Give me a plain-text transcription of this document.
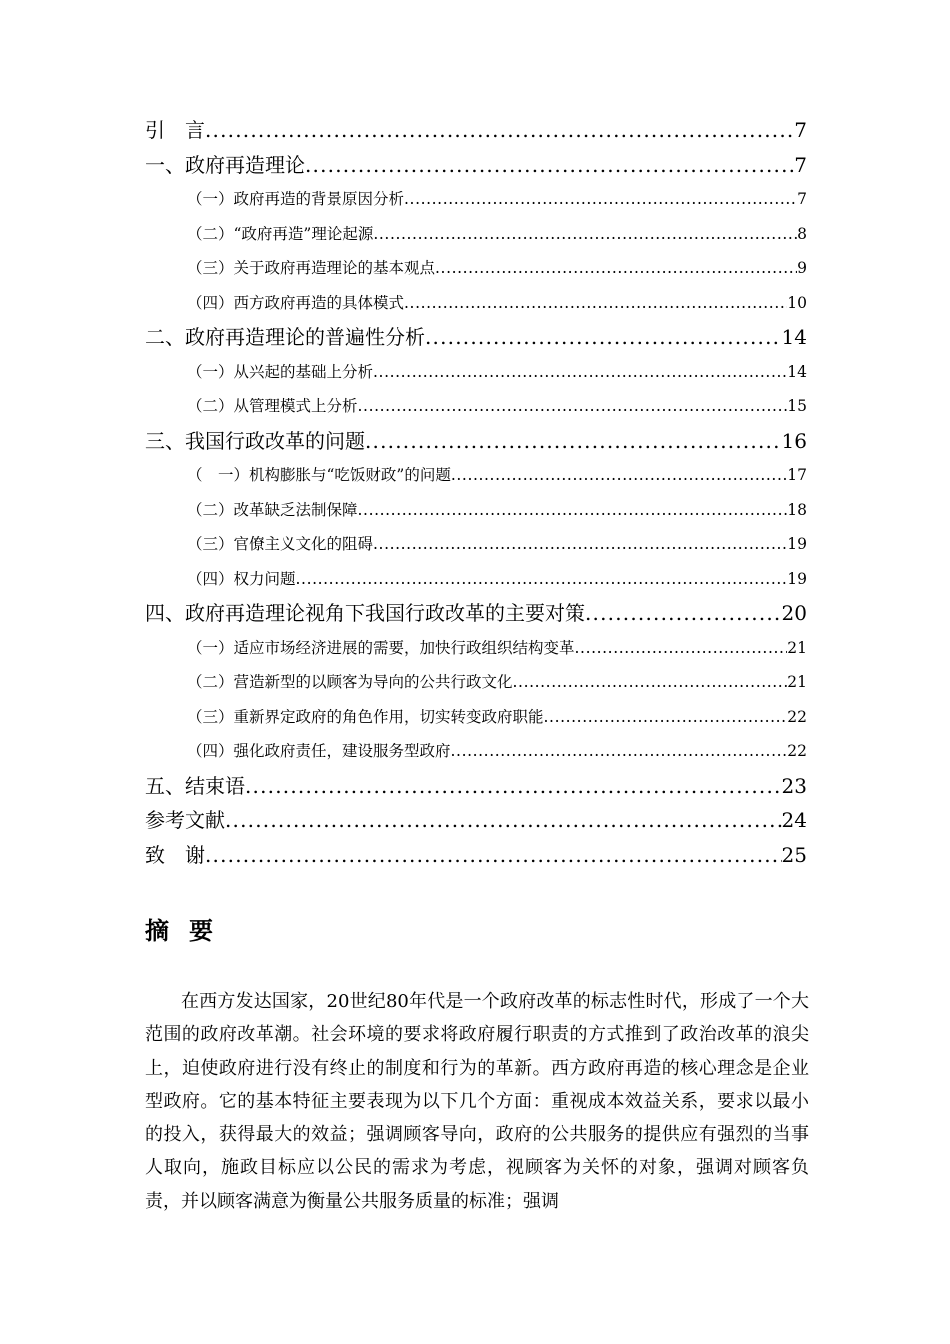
引　言 .....	7
一、政府再造理论 .....	7
（一）政府再造的背景原因分析 .....	7
（二）“政府再造”理论起源 .....	8
（三）关于政府再造理论的基本观点 .....	9
（四）西方政府再造的具体模式 .....	10
二、政府再造理论的普遍性分析 .....	14
（一）从兴起的基础上分析 .....	14
（二）从管理模式上分析 .....	15
三、我国行政改革的问题 .....	16
（　一）机构膨胀与“吃饭财政”的问题 .....	17
（二）改革缺乏法制保障 .....	18
（三）官僚主义文化的阻碍 .....	19
（四）权力问题 .....	19
四、政府再造理论视角下我国行政改革的主要对策 .....	20
（一）适应市场经济进展的需要，加快行政组织结构变革 .....	21
（二）营造新型的以顾客为导向的公共行政文化 .....	21
（三）重新界定政府的角色作用，切实转变政府职能 .....	22
（四）强化政府责任，建设服务型政府 .....	22
五、结束语 .....	23
参考文献 .....	24
致　谢 .....	25
摘要
在西方发达国家，20世纪80年代是一个政府改革的标志性时代，形成了一个大范围的政府改革潮。社会环境的要求将政府履行职责的方式推到了政治改革的浪尖上，迫使政府进行没有终止的制度和行为的革新。西方政府再造的核心理念是企业型政府。它的基本特征主要表现为以下几个方面：重视成本效益关系，要求以最小的投入，获得最大的效益；强调顾客导向，政府的公共服务的提供应有强烈的当事人取向，施政目标应以公民的需求为考虑，视顾客为关怀的对象，强调对顾客负责，并以顾客满意为衡量公共服务质量的标准；强调
